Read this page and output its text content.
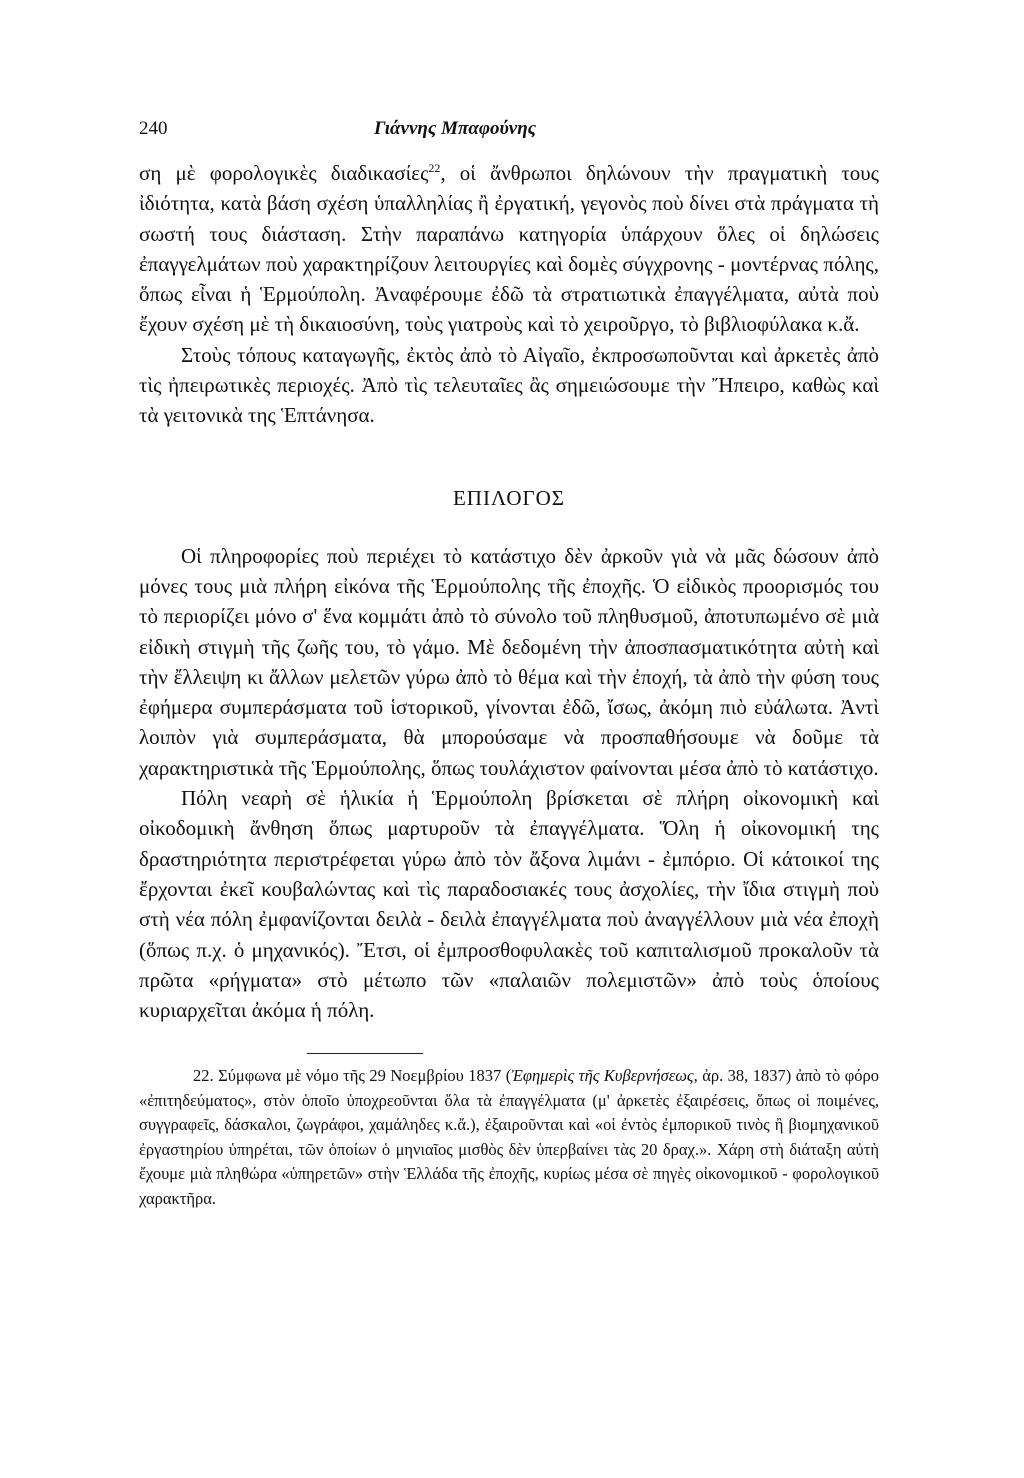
240	Γιάννης Μπαφούνης

ση μὲ φορολογικὲς διαδικασίες$^{22}$, οἱ ἄνθρωποι δηλώνουν τὴν πραγματικὴ τους ἰδιότητα, κατὰ βάση σχέση ὑπαλληλίας ἢ ἐργατική, γεγονὸς ποὺ δίνει στὰ πράγματα τὴ σωστή τους διάσταση. Στὴν παραπάνω κατηγορία ὑπάρχουν ὅλες οἱ δηλώσεις ἐπαγγελμάτων ποὺ χαρακτηρίζουν λειτουργίες καὶ δομὲς σύγχρονης - μοντέρνας πόλης, ὅπως εἶναι ἡ Ἑρμούπολη. Ἀναφέρουμε ἐδῶ τὰ στρατιωτικὰ ἐπαγγέλματα, αὐτὰ ποὺ ἔχουν σχέση μὲ τὴ δικαιοσύνη, τοὺς γιατροὺς καὶ τὸ χειροῦργο, τὸ βιβλιοφύλακα κ.ἄ.

Στοὺς τόπους καταγωγῆς, ἐκτὸς ἀπὸ τὸ Αἰγαῖο, ἐκπροσωποῦνται καὶ ἀρκετὲς ἀπὸ τὶς ἠπειρωτικὲς περιοχές. Ἀπὸ τὶς τελευταῖες ἂς σημειώσουμε τὴν Ἤπειρο, καθὼς καὶ τὰ γειτονικὰ της Ἑπτάνησα.

ΕΠΙΛΟΓΟΣ

Οἱ πληροφορίες ποὺ περιέχει τὸ κατάστιχο δὲν ἀρκοῦν γιὰ νὰ μᾶς δώσουν ἀπὸ μόνες τους μιὰ πλήρη εἰκόνα τῆς Ἑρμούπολης τῆς ἐποχῆς. Ὁ εἰδικὸς προορισμός του τὸ περιορίζει μόνο σ' ἕνα κομμάτι ἀπὸ τὸ σύνολο τοῦ πληθυσμοῦ, ἀποτυπωμένο σὲ μιὰ εἰδικὴ στιγμὴ τῆς ζωῆς του, τὸ γάμο. Μὲ δεδομένη τὴν ἀποσπασματικότητα αὐτὴ καὶ τὴν ἔλλειψη κι ἄλλων μελετῶν γύρω ἀπὸ τὸ θέμα καὶ τὴν ἐποχή, τὰ ἀπὸ τὴν φύση τους ἐφήμερα συμπεράσματα τοῦ ἱστορικοῦ, γίνονται ἐδῶ, ἴσως, ἀκόμη πιὸ εὐάλωτα. Ἀντὶ λοιπὸν γιὰ συμπεράσματα, θὰ μπορούσαμε νὰ προσπαθήσουμε νὰ δοῦμε τὰ χαρακτηριστικὰ τῆς Ἑρμούπολης, ὅπως τουλάχιστον φαίνονται μέσα ἀπὸ τὸ κατάστιχο.

Πόλη νεαρὴ σὲ ἡλικία ἡ Ἑρμούπολη βρίσκεται σὲ πλήρη οἰκονομικὴ καὶ οἰκοδομικὴ ἄνθηση ὅπως μαρτυροῦν τὰ ἐπαγγέλματα. Ὅλη ἡ οἰκονομική της δραστηριότητα περιστρέφεται γύρω ἀπὸ τὸν ἄξονα λιμάνι - ἐμπόριο. Οἱ κάτοικοί της ἔρχονται ἐκεῖ κουβαλώντας καὶ τὶς παραδοσιακές τους ἀσχολίες, τὴν ἴδια στιγμὴ ποὺ στὴ νέα πόλη ἐμφανίζονται δειλὰ - δειλὰ ἐπαγγέλματα ποὺ ἀναγγέλλουν μιὰ νέα ἐποχὴ (ὅπως π.χ. ὁ μηχανικός). Ἔτσι, οἱ ἐμπροσθοφυλακὲς τοῦ καπιταλισμοῦ προκαλοῦν τὰ πρῶτα «ρήγματα» στὸ μέτωπο τῶν «παλαιῶν πολεμιστῶν» ἀπὸ τοὺς ὁποίους κυριαρχεῖται ἀκόμα ἡ πόλη.

22. Σύμφωνα μὲ νόμο τῆς 29 Νοεμβρίου 1837 (Ἐφημερὶς τῆς Κυβερνήσεως, ἀρ. 38, 1837) ἀπὸ τὸ φόρο «ἐπιτηδεύματος», στὸν ὁποῖο ὑποχρεοῦνται ὅλα τὰ ἐπαγγέλματα (μ' ἀρκετὲς ἐξαιρέσεις, ὅπως οἱ ποιμένες, συγγραφεῖς, δάσκαλοι, ζωγράφοι, χαμάληδες κ.ἄ.), ἐξαιροῦνται καὶ «οἱ ἐντὸς ἐμπορικοῦ τινὸς ἢ βιομηχανικοῦ ἐργαστηρίου ὑπηρέται, τῶν ὁποίων ὁ μηνιαῖος μισθὸς δὲν ὑπερβαίνει τὰς 20 δραχ.». Χάρη στὴ διάταξη αὐτὴ ἔχουμε μιὰ πληθώρα «ὑπηρετῶν» στὴν Ἑλλάδα τῆς ἐποχῆς, κυρίως μέσα σὲ πηγὲς οἰκονομικοῦ - φορολογικοῦ χαρακτῆρα.
